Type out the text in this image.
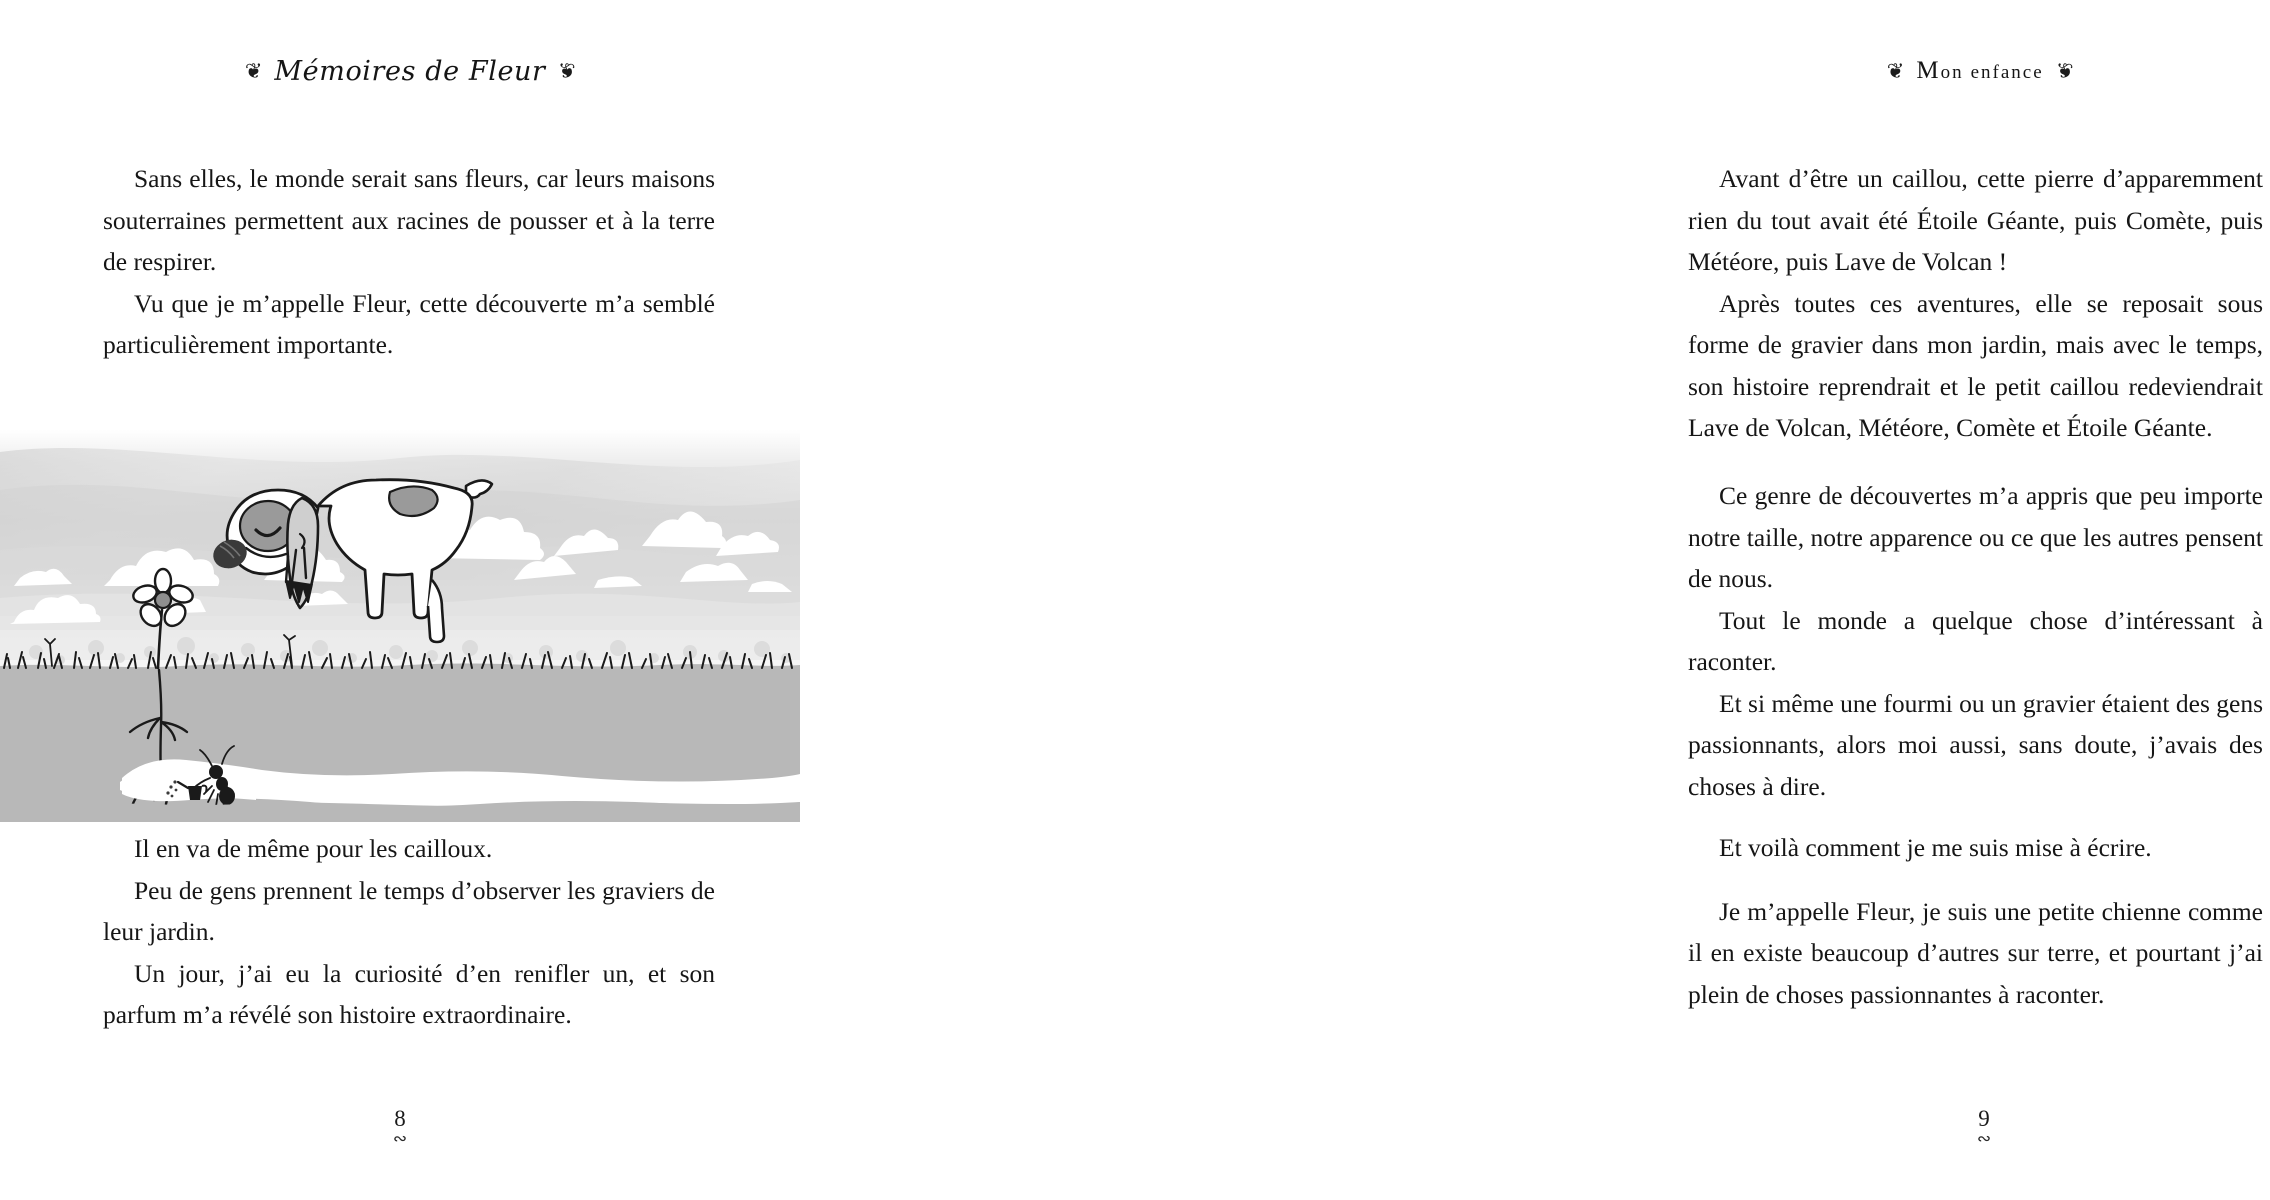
❦ Mémoires de Fleur ❦

Sans elles, le monde serait sans fleurs, car leurs maisons souterraines permettent aux racines de pousser et à la terre de respirer.

Vu que je m’appelle Fleur, cette découverte m’a semblé particulièrement importante.

Il en va de même pour les cailloux.

Peu de gens prennent le temps d’observer les graviers de leur jardin.

Un jour, j’ai eu la curiosité d’en renifler un, et son parfum m’a révélé son histoire extraordinaire.

8
∾
❦ Mon enfance ❦

Avant d’être un caillou, cette pierre d’apparemment rien du tout avait été Étoile Géante, puis Comète, puis Météore, puis Lave de Volcan !

Après toutes ces aventures, elle se reposait sous forme de gravier dans mon jardin, mais avec le temps, son histoire reprendrait et le petit caillou redeviendrait Lave de Volcan, Météore, Comète et Étoile Géante.

Ce genre de découvertes m’a appris que peu importe notre taille, notre apparence ou ce que les autres pensent de nous.

Tout le monde a quelque chose d’intéressant à raconter.

Et si même une fourmi ou un gravier étaient des gens passionnants, alors moi aussi, sans doute, j’avais des choses à dire.

Et voilà comment je me suis mise à écrire.

Je m’appelle Fleur, je suis une petite chienne comme il en existe beaucoup d’autres sur terre, et pourtant j’ai plein de choses passionnantes à raconter.

9
∾
